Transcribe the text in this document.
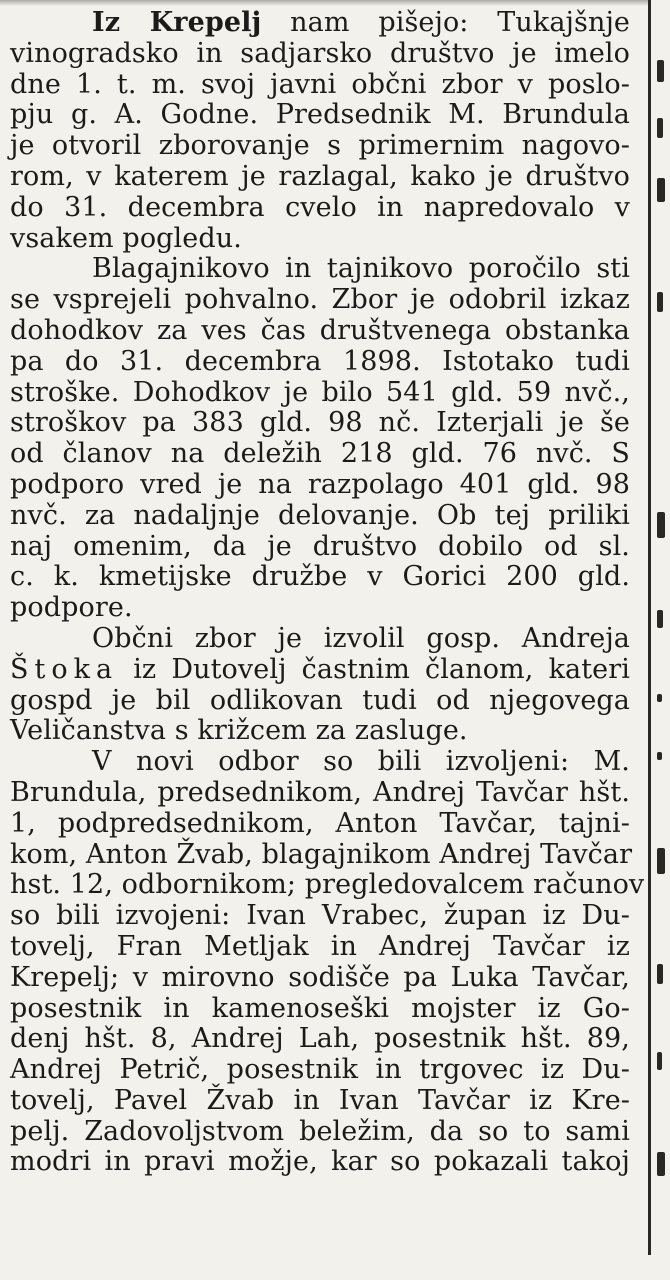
Iz Krepelj nam pišejo: Tukajšnje
vinogradsko in sadjarsko društvo je imelo
dne 1. t. m. svoj javni občni zbor v poslo-
pju g. A. Godne. Predsednik M. Brundula
je otvoril zborovanje s primernim nagovo-
rom, v katerem je razlagal, kako je društvo
do 31. decembra cvelo in napredovalo v
vsakem pogledu.
Blagajnikovo in tajnikovo poročilo sti
se vsprejeli pohvalno. Zbor je odobril izkaz
dohodkov za ves čas društvenega obstanka
pa do 31. decembra 1898. Istotako tudi
stroške. Dohodkov je bilo 541 gld. 59 nvč.,
stroškov pa 383 gld. 98 nč. Izterjali je še
od članov na deležih 218 gld. 76 nvč. S
podporo vred je na razpolago 401 gld. 98
nvč. za nadaljnje delovanje. Ob tej priliki
naj omenim, da je društvo dobilo od sl.
c. k. kmetijske družbe v Gorici 200 gld.
podpore.
Občni zbor je izvolil gosp. Andreja
Štoka iz Dutovelj častnim članom, kateri
gospd je bil odlikovan tudi od njegovega
Veličanstva s križcem za zasluge.
V novi odbor so bili izvoljeni: M.
Brundula, predsednikom, Andrej Tavčar hšt.
1, podpredsednikom, Anton Tavčar, tajni-
kom, Anton Žvab, blagajnikom Andrej Tavčar
hst. 12, odbornikom; pregledovalcem računov
so bili izvojeni: Ivan Vrabec, župan iz Du-
tovelj, Fran Metljak in Andrej Tavčar iz
Krepelj; v mirovno sodišče pa Luka Tavčar,
posestnik in kamenoseški mojster iz Go-
denj hšt. 8, Andrej Lah, posestnik hšt. 89,
Andrej Petrič, posestnik in trgovec iz Du-
tovelj, Pavel Žvab in Ivan Tavčar iz Kre-
pelj. Zadovoljstvom beležim, da so to sami
modri in pravi možje, kar so pokazali takoj
